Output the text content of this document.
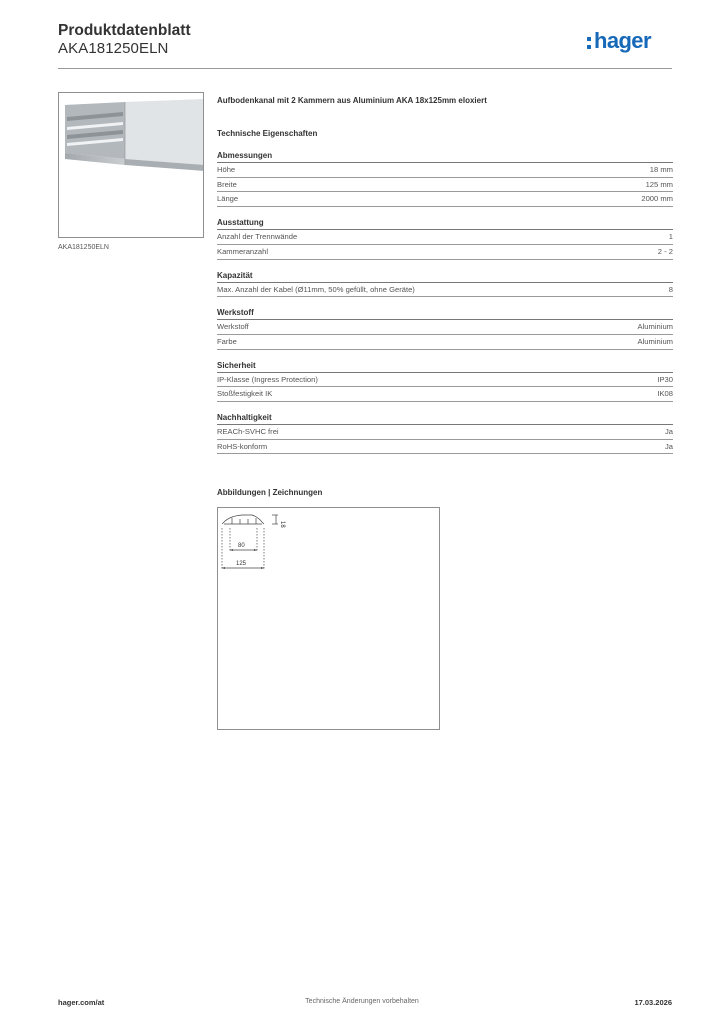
Produktdatenblatt
AKA181250ELN	hager
AKA181250ELN
Aufbodenkanal mit 2 Kammern aus Aluminium AKA 18x125mm eloxiert
Technische Eigenschaften
Abmessungen
Höhe	18 mm
Breite	125 mm
Länge	2000 mm
Ausstattung
Anzahl der Trennwände	1
Kammeranzahl	2 - 2
Kapazität
Max. Anzahl der Kabel (Ø11mm, 50% gefüllt, ohne Geräte)	8
Werkstoff
Werkstoff	Aluminium
Farbe	Aluminium
Sicherheit
IP-Klasse (Ingress Protection)	IP30
Stoßfestigkeit IK	IK08
Nachhaltigkeit
REACh-SVHC frei	Ja
RoHS-konform	Ja
Abbildungen | Zeichnungen
18
80
125
hager.com/at	Technische Änderungen vorbehalten	17.03.2026
